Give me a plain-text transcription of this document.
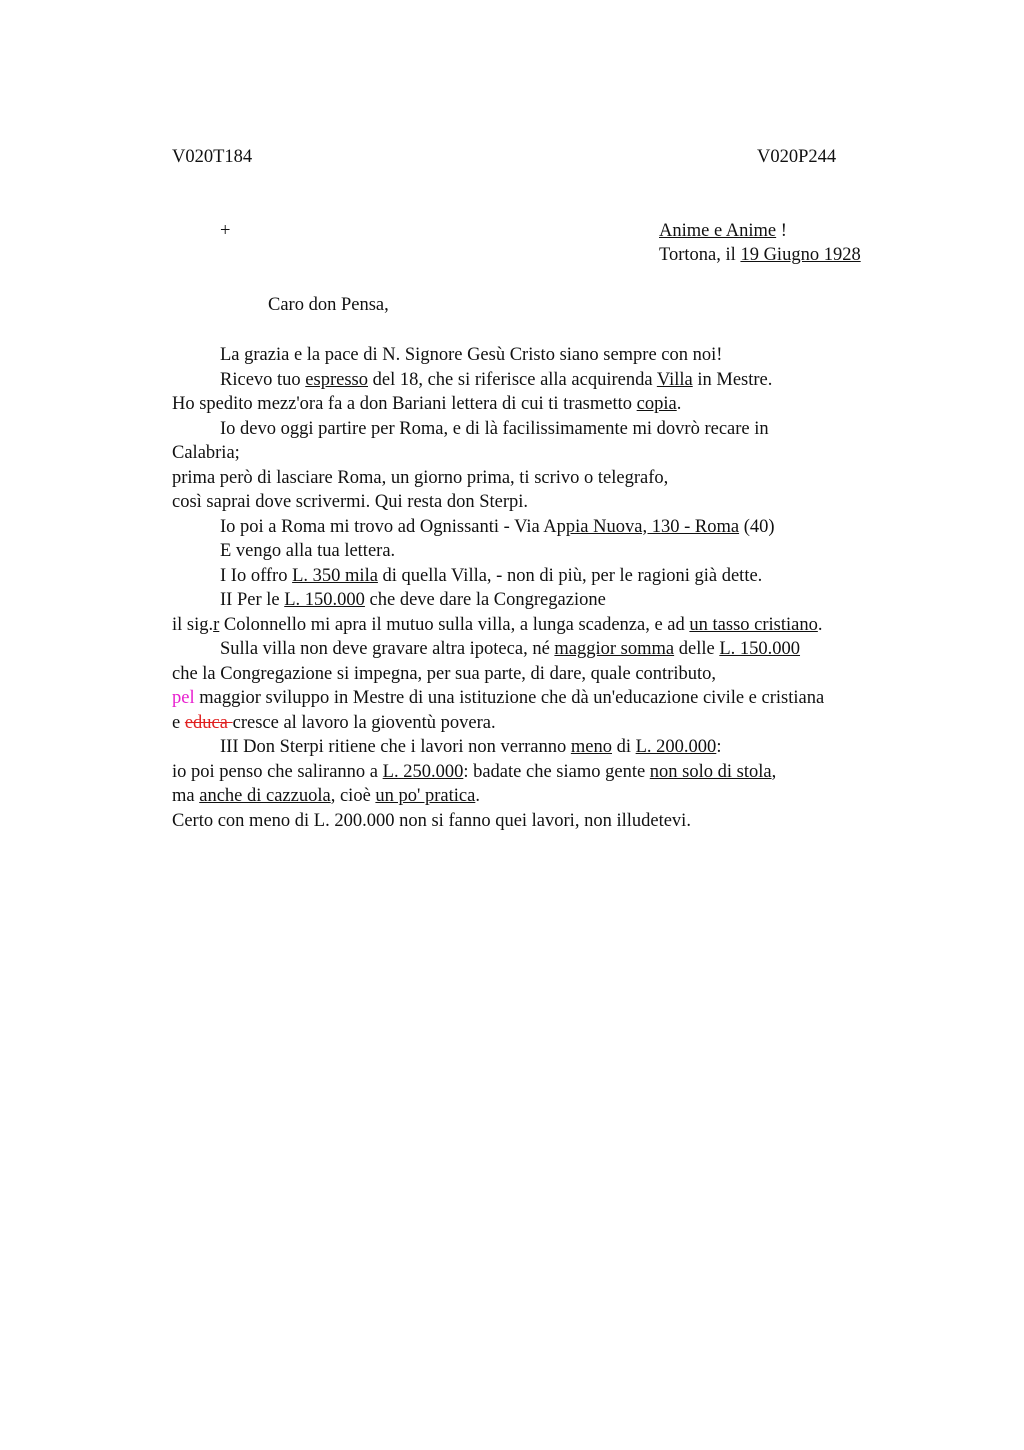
V020T184	V020P244
+	Anime e Anime !
Tortona, il 19 Giugno 1928
Caro don Pensa,
La grazia e la pace di N. Signore Gesù Cristo siano sempre con noi!
Ricevo tuo espresso del 18, che si riferisce alla acquirenda Villa in Mestre.
Ho spedito mezz'ora fa a don Bariani lettera di cui ti trasmetto copia.
Io devo oggi partire per Roma, e di là facilissimamente mi dovrò recare in
Calabria;
prima però di lasciare Roma, un giorno prima, ti scrivo o telegrafo,
così saprai dove scrivermi. Qui resta don Sterpi.
Io poi a Roma mi trovo ad Ognissanti - Via Appia Nuova, 130 - Roma (40)
E vengo alla tua lettera.
I Io offro L. 350 mila di quella Villa, - non di più, per le ragioni già dette.
II Per le L. 150.000 che deve dare la Congregazione
il sig.r Colonnello mi apra il mutuo sulla villa, a lunga scadenza, e ad un tasso cristiano.
Sulla villa non deve gravare altra ipoteca, né maggior somma delle L. 150.000
che la Congregazione si impegna, per sua parte, di dare, quale contributo,
pel maggior sviluppo in Mestre di una istituzione che dà un'educazione civile e cristiana
e educa cresce al lavoro la gioventù povera.
III Don Sterpi ritiene che i lavori non verranno meno di L. 200.000:
io poi penso che saliranno a L. 250.000: badate che siamo gente non solo di stola,
ma anche di cazzuola, cioè un po' pratica.
Certo con meno di L. 200.000 non si fanno quei lavori, non illudetevi.
